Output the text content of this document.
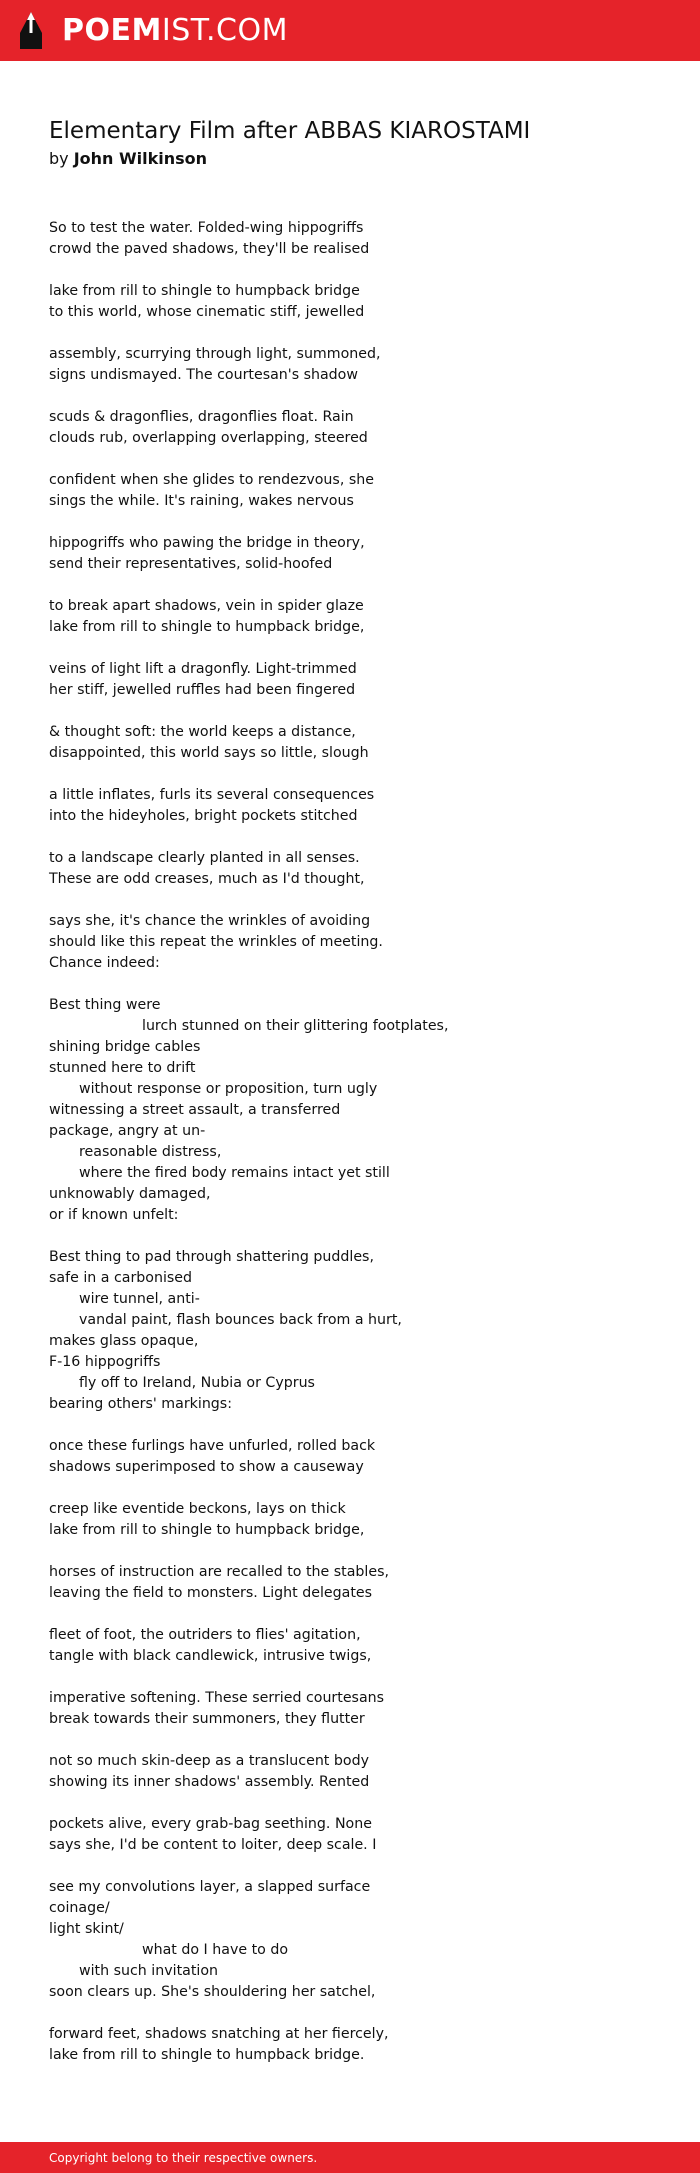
POEMIST.COM
Elementary Film after ABBAS KIAROSTAMI
by John Wilkinson
So to test the water. Folded-wing hippogriffs
crowd the paved shadows, they'll be realised
lake from rill to shingle to humpback bridge
to this world, whose cinematic stiff, jewelled
assembly, scurrying through light, summoned,
signs undismayed. The courtesan's shadow
scuds & dragonflies, dragonflies float. Rain
clouds rub, overlapping overlapping, steered
confident when she glides to rendezvous, she
sings the while. It's raining, wakes nervous
hippogriffs who pawing the bridge in theory,
send their representatives, solid-hoofed
to break apart shadows, vein in spider glaze
lake from rill to shingle to humpback bridge,
veins of light lift a dragonfly. Light-trimmed
her stiff, jewelled ruffles had been fingered
& thought soft: the world keeps a distance,
disappointed, this world says so little, slough
a little inflates, furls its several consequences
into the hideyholes, bright pockets stitched
to a landscape clearly planted in all senses.
These are odd creases, much as I'd thought,
says she, it's chance the wrinkles of avoiding
should like this repeat the wrinkles of meeting.
Chance indeed:
Best thing were
lurch stunned on their glittering footplates,
shining bridge cables
stunned here to drift
without response or proposition, turn ugly
witnessing a street assault, a transferred
package, angry at un-
reasonable distress,
where the fired body remains intact yet still
unknowably damaged,
or if known unfelt:
Best thing to pad through shattering puddles,
safe in a carbonised
wire tunnel, anti-
vandal paint, flash bounces back from a hurt,
makes glass opaque,
F-16 hippogriffs
fly off to Ireland, Nubia or Cyprus
bearing others' markings:
once these furlings have unfurled, rolled back
shadows superimposed to show a causeway
creep like eventide beckons, lays on thick
lake from rill to shingle to humpback bridge,
horses of instruction are recalled to the stables,
leaving the field to monsters. Light delegates
fleet of foot, the outriders to flies' agitation,
tangle with black candlewick, intrusive twigs,
imperative softening. These serried courtesans
break towards their summoners, they flutter
not so much skin-deep as a translucent body
showing its inner shadows' assembly. Rented
pockets alive, every grab-bag seething. None
says she, I'd be content to loiter, deep scale. I
see my convolutions layer, a slapped surface
coinage/
light skint/
what do I have to do
with such invitation
soon clears up. She's shouldering her satchel,
forward feet, shadows snatching at her fiercely,
lake from rill to shingle to humpback bridge.
Copyright belong to their respective owners.
